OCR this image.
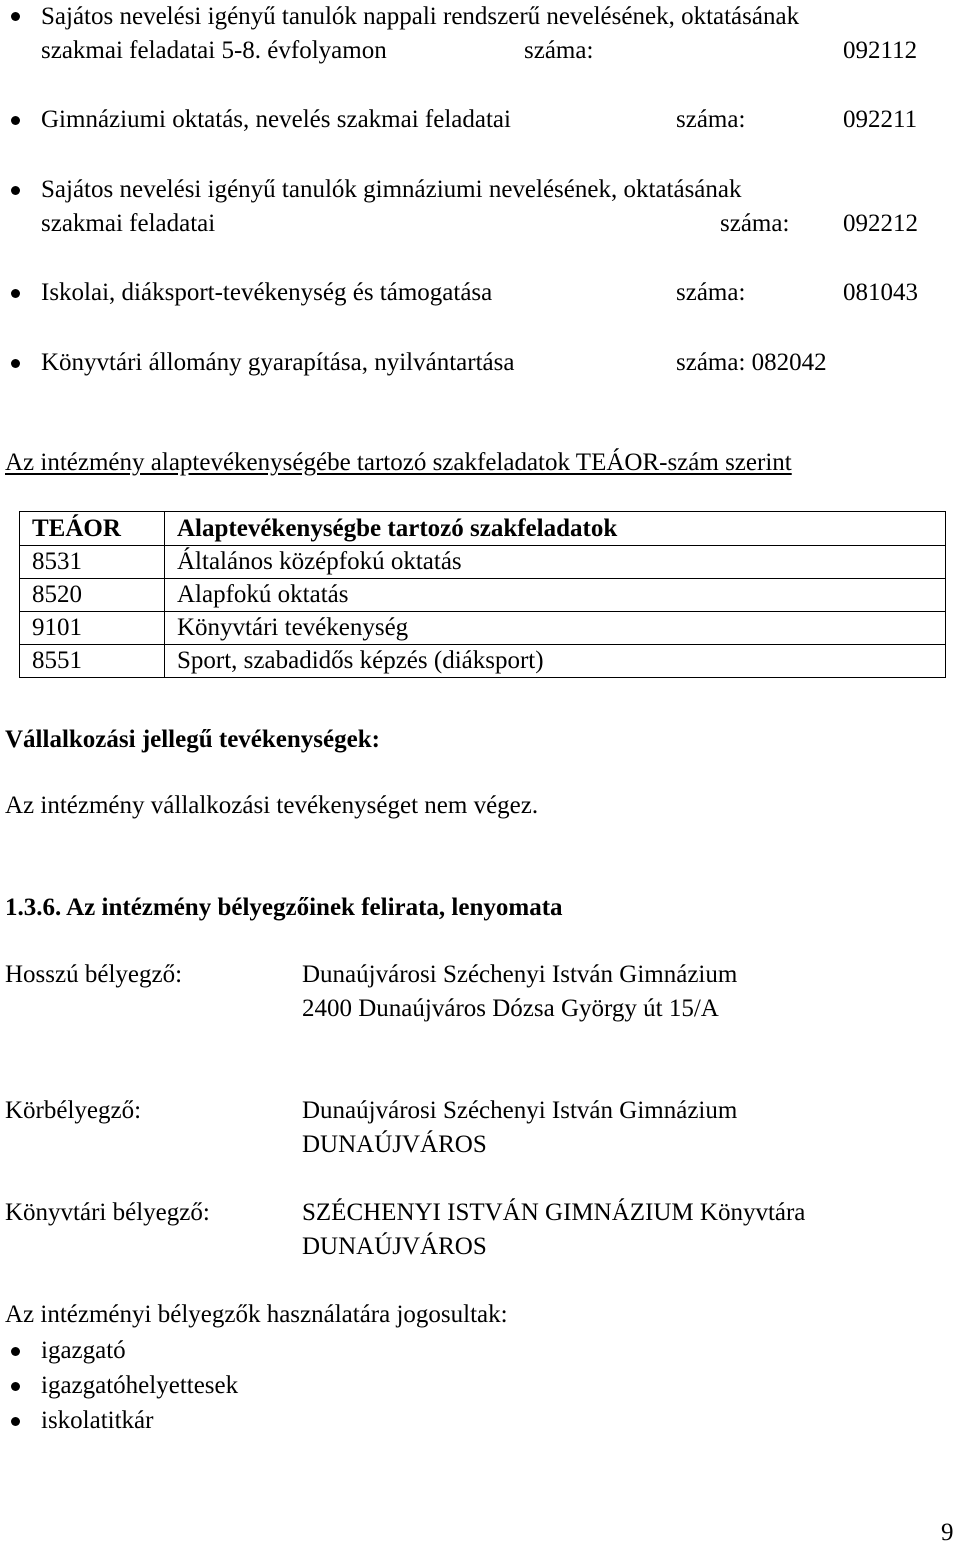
Sajátos nevelési igényű tanulók nappali rendszerű nevelésének, oktatásának
szakmai feladatai 5-8. évfolyamon	száma:	092112
Gimnáziumi oktatás, nevelés szakmai feladatai	száma:	092211
Sajátos nevelési igényű tanulók gimnáziumi nevelésének, oktatásának
szakmai feladatai	száma: 092212
Iskolai, diáksport-tevékenység és támogatása	száma:	081043
Könyvtári állomány gyarapítása, nyilvántartása	száma: 082042
Az intézmény alaptevékenységébe tartozó szakfeladatok TEÁOR-szám szerint
TEÁOR	Alaptevékenységbe tartozó szakfeladatok
8531	Általános középfokú oktatás
8520	Alapfokú oktatás
9101	Könyvtári tevékenység
8551	Sport, szabadidős képzés (diáksport)
Vállalkozási jellegű tevékenységek:
Az intézmény vállalkozási tevékenységet nem végez.
1.3.6. Az intézmény bélyegzőinek felirata, lenyomata
Hosszú bélyegző:	Dunaújvárosi Széchenyi István Gimnázium
2400 Dunaújváros Dózsa György út 15/A
Körbélyegző:	Dunaújvárosi Széchenyi István Gimnázium
DUNAÚJVÁROS
Könyvtári bélyegző:	SZÉCHENYI ISTVÁN GIMNÁZIUM Könyvtára
DUNAÚJVÁROS
Az intézményi bélyegzők használatára jogosultak:
igazgató
igazgatóhelyettesek
iskolatitkár
9
